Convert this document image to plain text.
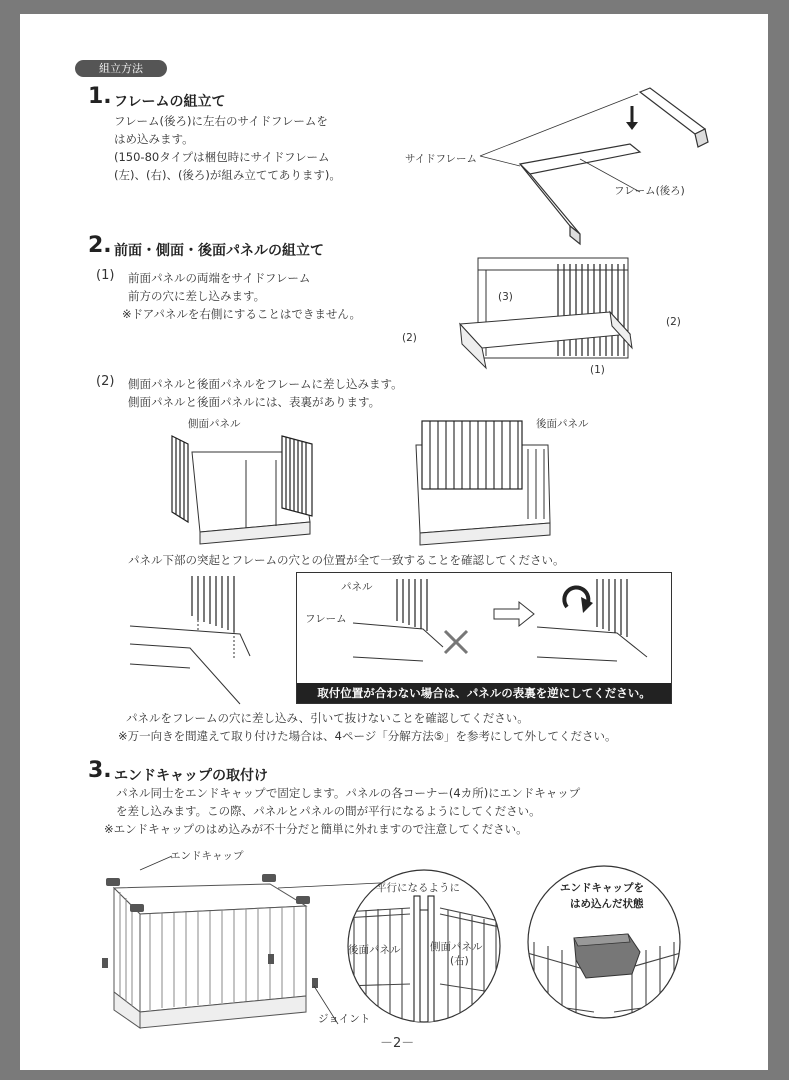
組立方法
1. フレームの組立て
フレーム(後ろ)に左右のサイドフレームを
はめ込みます。
(150-80タイプは梱包時にサイドフレーム
(左)、(右)、(後ろ)が組み立ててあります)。
サイドフレーム
フレーム(後ろ)
2. 前面・側面・後面パネルの組立て
(1) 前面パネルの両端をサイドフレーム
前方の穴に差し込みます。
※ドアパネルを右側にすることはできません。
(3)
(2)
(2)
(1)
(2) 側面パネルと後面パネルをフレームに差し込みます。
側面パネルと後面パネルには、表裏があります。
側面パネル	後面パネル
パネル下部の突起とフレームの穴との位置が全て一致することを確認してください。
パネル
フレーム
取付位置が合わない場合は、パネルの表裏を逆にしてください。
パネルをフレームの穴に差し込み、引いて抜けないことを確認してください。
※万一向きを間違えて取り付けた場合は、4ページ「分解方法⑤」を参考にして外してください。
3. エンドキャップの取付け
パネル同士をエンドキャップで固定します。パネルの各コーナー(4カ所)にエンドキャップ
を差し込みます。この際、パネルとパネルの間が平行になるようにしてください。
※エンドキャップのはめ込みが不十分だと簡単に外れますので注意してください。
エンドキャップ
ジョイント
平行になるように
後面パネル	側面パネル
(右)
エンドキャップを
はめ込んだ状態
－2－
